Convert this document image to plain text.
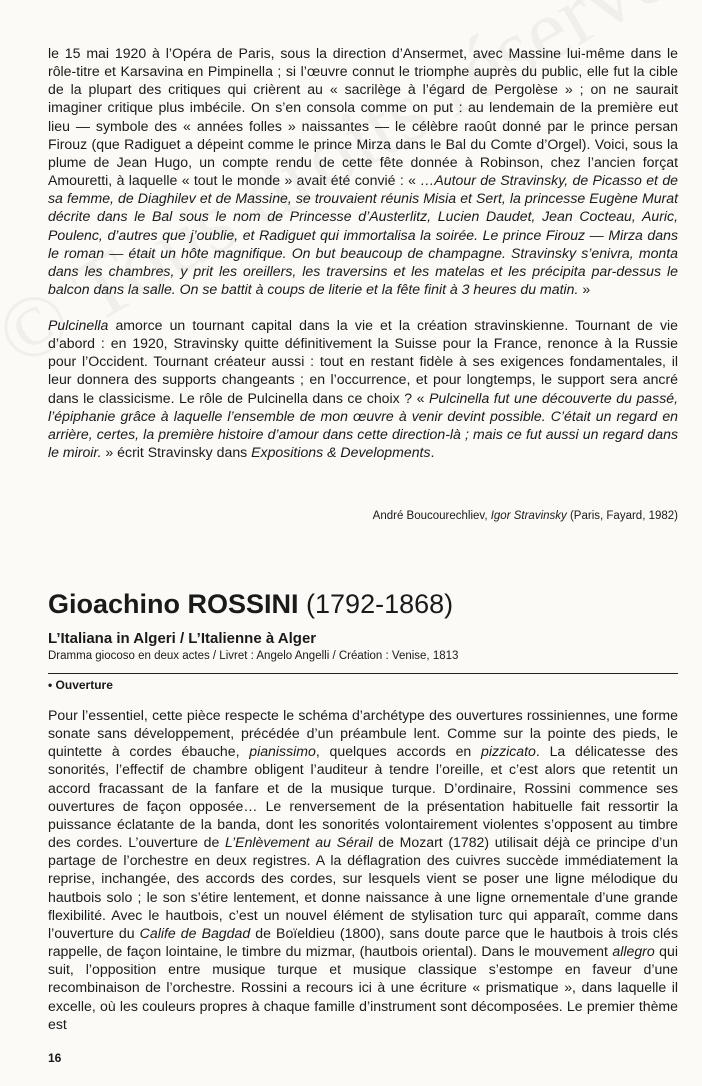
le 15 mai 1920 à l’Opéra de Paris, sous la direction d’Ansermet, avec Massine lui-même dans le rôle-titre et Karsavina en Pimpinella ; si l’œuvre connut le triomphe auprès du public, elle fut la cible de la plupart des critiques qui crièrent au « sacrilège à l’égard de Pergolèse » ; on ne saurait imaginer critique plus imbécile. On s’en consola comme on put : au lendemain de la première eut lieu — symbole des « années folles » naissantes — le célèbre raoût donné par le prince persan Firouz (que Radiguet a dépeint comme le prince Mirza dans le Bal du Comte d’Orgel). Voici, sous la plume de Jean Hugo, un compte rendu de cette fête donnée à Robinson, chez l’ancien forçat Amouretti, à laquelle « tout le monde » avait été convié : « …Autour de Stravinsky, de Picasso et de sa femme, de Diaghilev et de Massine, se trouvaient réunis Misia et Sert, la princesse Eugène Murat décrite dans le Bal sous le nom de Princesse d’Austerlitz, Lucien Daudet, Jean Cocteau, Auric, Poulenc, d’autres que j’oublie, et Radiguet qui immortalisa la soirée. Le prince Firouz — Mirza dans le roman — était un hôte magnifique. On but beaucoup de champagne. Stravinsky s’enivra, monta dans les chambres, y prit les oreillers, les traversins et les matelas et les précipita par-dessus le balcon dans la salle. On se battit à coups de literie et la fête finit à 3 heures du matin. »

Pulcinella amorce un tournant capital dans la vie et la création stravinskienne. Tournant de vie d’abord : en 1920, Stravinsky quitte définitivement la Suisse pour la France, renonce à la Russie pour l’Occident. Tournant créateur aussi : tout en restant fidèle à ses exigences fondamentales, il leur donnera des supports changeants ; en l’occurrence, et pour longtemps, le support sera ancré dans le classicisme. Le rôle de Pulcinella dans ce choix ? « Pulcinella fut une découverte du passé, l’épiphanie grâce à laquelle l’ensemble de mon œuvre à venir devint possible. C’était un regard en arrière, certes, la première histoire d’amour dans cette direction-là ; mais ce fut aussi un regard dans le miroir. » écrit Stravinsky dans Expositions & Developments.

André Boucourechliev, Igor Stravinsky (Paris, Fayard, 1982)
Gioachino ROSSINI (1792-1868)
L’Italiana in Algeri / L’Italienne à Alger
Dramma giocoso en deux actes / Livret : Angelo Angelli / Création : Venise, 1813
• Ouverture

Pour l’essentiel, cette pièce respecte le schéma d’archétype des ouvertures rossiniennes, une forme sonate sans développement, précédée d’un préambule lent. Comme sur la pointe des pieds, le quintette à cordes ébauche, pianissimo, quelques accords en pizzicato. La délicatesse des sonorités, l’effectif de chambre obligent l’auditeur à tendre l’oreille, et c’est alors que retentit un accord fracassant de la fanfare et de la musique turque. D’ordinaire, Rossini commence ses ouvertures de façon opposée… Le renversement de la présentation habituelle fait ressortir la puissance éclatante de la banda, dont les sonorités volontairement violentes s’opposent au timbre des cordes. L’ouverture de L’Enlèvement au Sérail de Mozart (1782) utilisait déjà ce principe d’un partage de l’orchestre en deux registres. A la déflagration des cuivres succède immédiatement la reprise, inchangée, des accords des cordes, sur lesquels vient se poser une ligne mélodique du hautbois solo ; le son s’étire lentement, et donne naissance à une ligne ornementale d’une grande flexibilité. Avec le hautbois, c’est un nouvel élément de stylisation turc qui apparaît, comme dans l’ouverture du Calife de Bagdad de Boïeldieu (1800), sans doute parce que le hautbois à trois clés rappelle, de façon lointaine, le timbre du mizmar, (hautbois oriental). Dans le mouvement allegro qui suit, l’opposition entre musique turque et musique classique s’estompe en faveur d’une recombinaison de l’orchestre. Rossini a recours ici à une écriture « prismatique », dans laquelle il excelle, où les couleurs propres à chaque famille d’instrument sont décomposées. Le premier thème est

16
